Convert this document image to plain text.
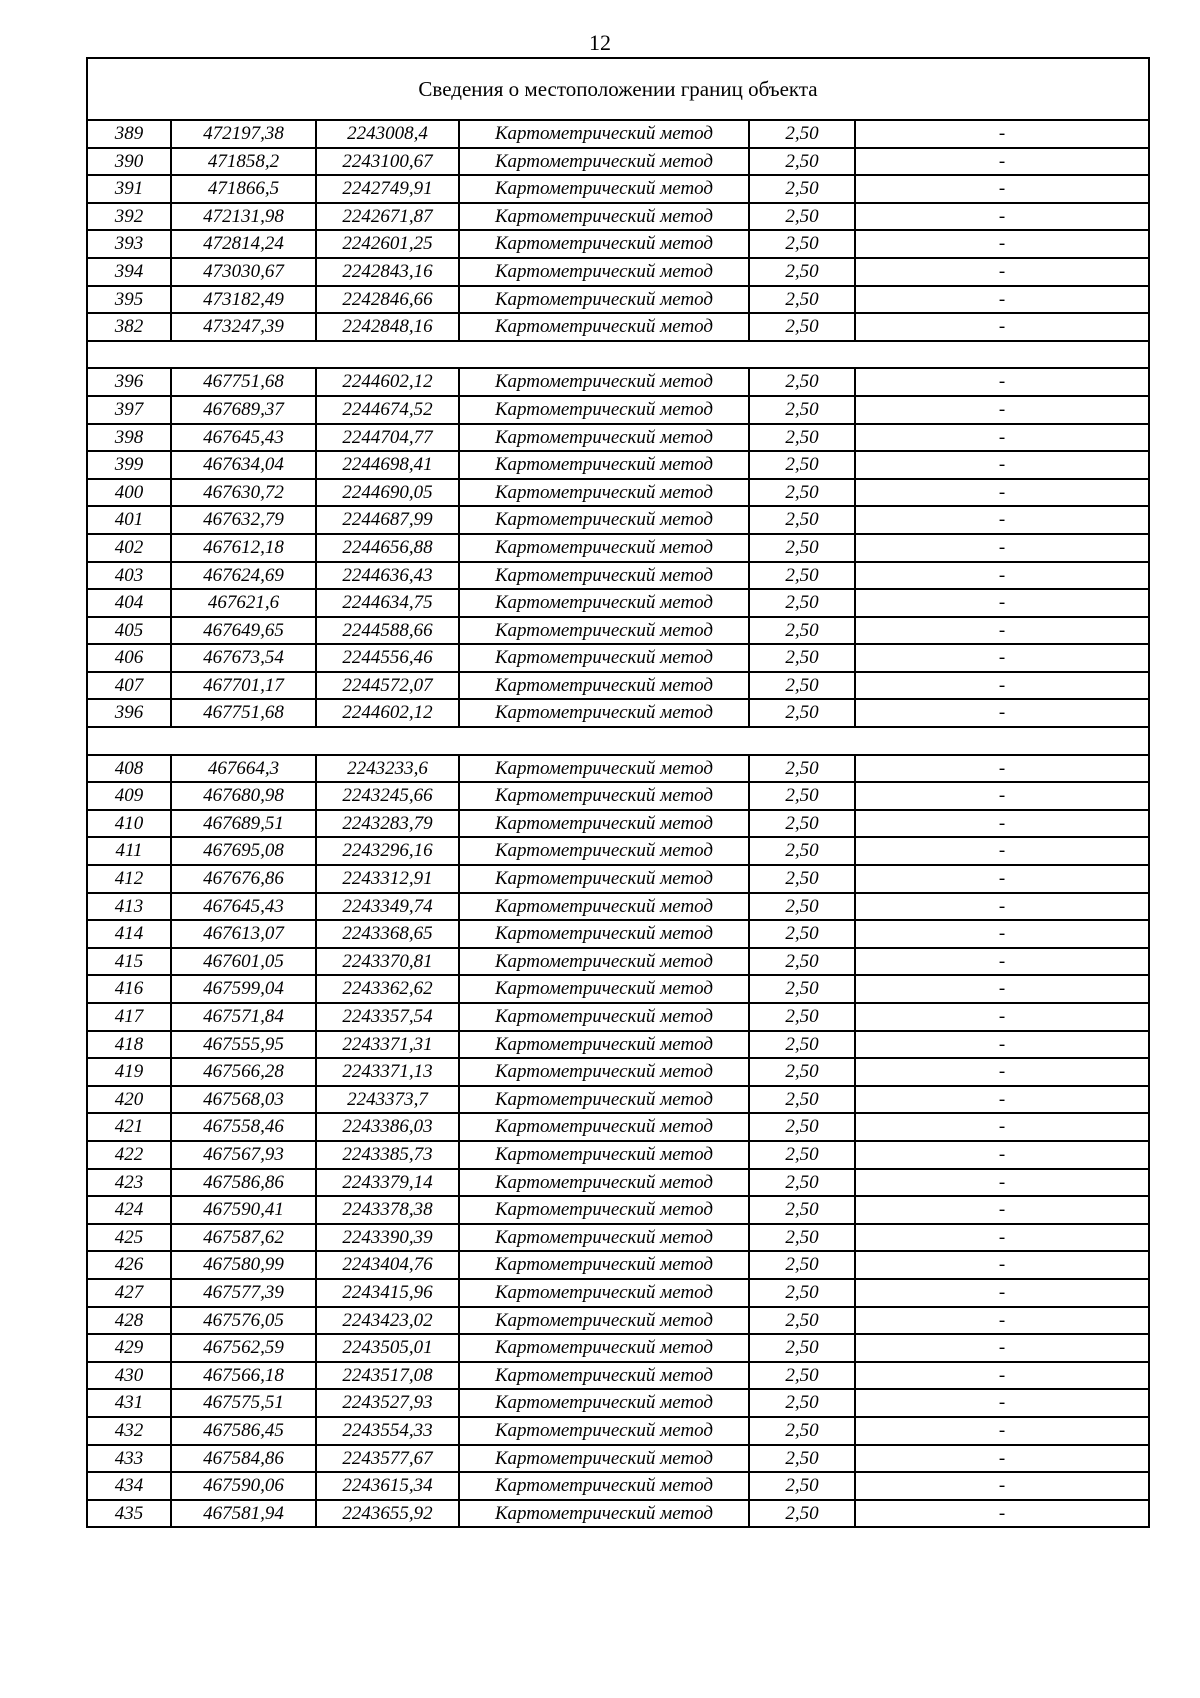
12
Сведения о местоположении границ объекта					
389	472197,38	2243008,4	Картометрический метод	2,50	-
390	471858,2	2243100,67	Картометрический метод	2,50	-
391	471866,5	2242749,91	Картометрический метод	2,50	-
392	472131,98	2242671,87	Картометрический метод	2,50	-
393	472814,24	2242601,25	Картометрический метод	2,50	-
394	473030,67	2242843,16	Картометрический метод	2,50	-
395	473182,49	2242846,66	Картометрический метод	2,50	-
382	473247,39	2242848,16	Картометрический метод	2,50	-

396	467751,68	2244602,12	Картометрический метод	2,50	-
397	467689,37	2244674,52	Картометрический метод	2,50	-
398	467645,43	2244704,77	Картометрический метод	2,50	-
399	467634,04	2244698,41	Картометрический метод	2,50	-
400	467630,72	2244690,05	Картометрический метод	2,50	-
401	467632,79	2244687,99	Картометрический метод	2,50	-
402	467612,18	2244656,88	Картометрический метод	2,50	-
403	467624,69	2244636,43	Картометрический метод	2,50	-
404	467621,6	2244634,75	Картометрический метод	2,50	-
405	467649,65	2244588,66	Картометрический метод	2,50	-
406	467673,54	2244556,46	Картометрический метод	2,50	-
407	467701,17	2244572,07	Картометрический метод	2,50	-
396	467751,68	2244602,12	Картометрический метод	2,50	-

408	467664,3	2243233,6	Картометрический метод	2,50	-
409	467680,98	2243245,66	Картометрический метод	2,50	-
410	467689,51	2243283,79	Картометрический метод	2,50	-
411	467695,08	2243296,16	Картометрический метод	2,50	-
412	467676,86	2243312,91	Картометрический метод	2,50	-
413	467645,43	2243349,74	Картометрический метод	2,50	-
414	467613,07	2243368,65	Картометрический метод	2,50	-
415	467601,05	2243370,81	Картометрический метод	2,50	-
416	467599,04	2243362,62	Картометрический метод	2,50	-
417	467571,84	2243357,54	Картометрический метод	2,50	-
418	467555,95	2243371,31	Картометрический метод	2,50	-
419	467566,28	2243371,13	Картометрический метод	2,50	-
420	467568,03	2243373,7	Картометрический метод	2,50	-
421	467558,46	2243386,03	Картометрический метод	2,50	-
422	467567,93	2243385,73	Картометрический метод	2,50	-
423	467586,86	2243379,14	Картометрический метод	2,50	-
424	467590,41	2243378,38	Картометрический метод	2,50	-
425	467587,62	2243390,39	Картометрический метод	2,50	-
426	467580,99	2243404,76	Картометрический метод	2,50	-
427	467577,39	2243415,96	Картометрический метод	2,50	-
428	467576,05	2243423,02	Картометрический метод	2,50	-
429	467562,59	2243505,01	Картометрический метод	2,50	-
430	467566,18	2243517,08	Картометрический метод	2,50	-
431	467575,51	2243527,93	Картометрический метод	2,50	-
432	467586,45	2243554,33	Картометрический метод	2,50	-
433	467584,86	2243577,67	Картометрический метод	2,50	-
434	467590,06	2243615,34	Картометрический метод	2,50	-
435	467581,94	2243655,92	Картометрический метод	2,50	-
